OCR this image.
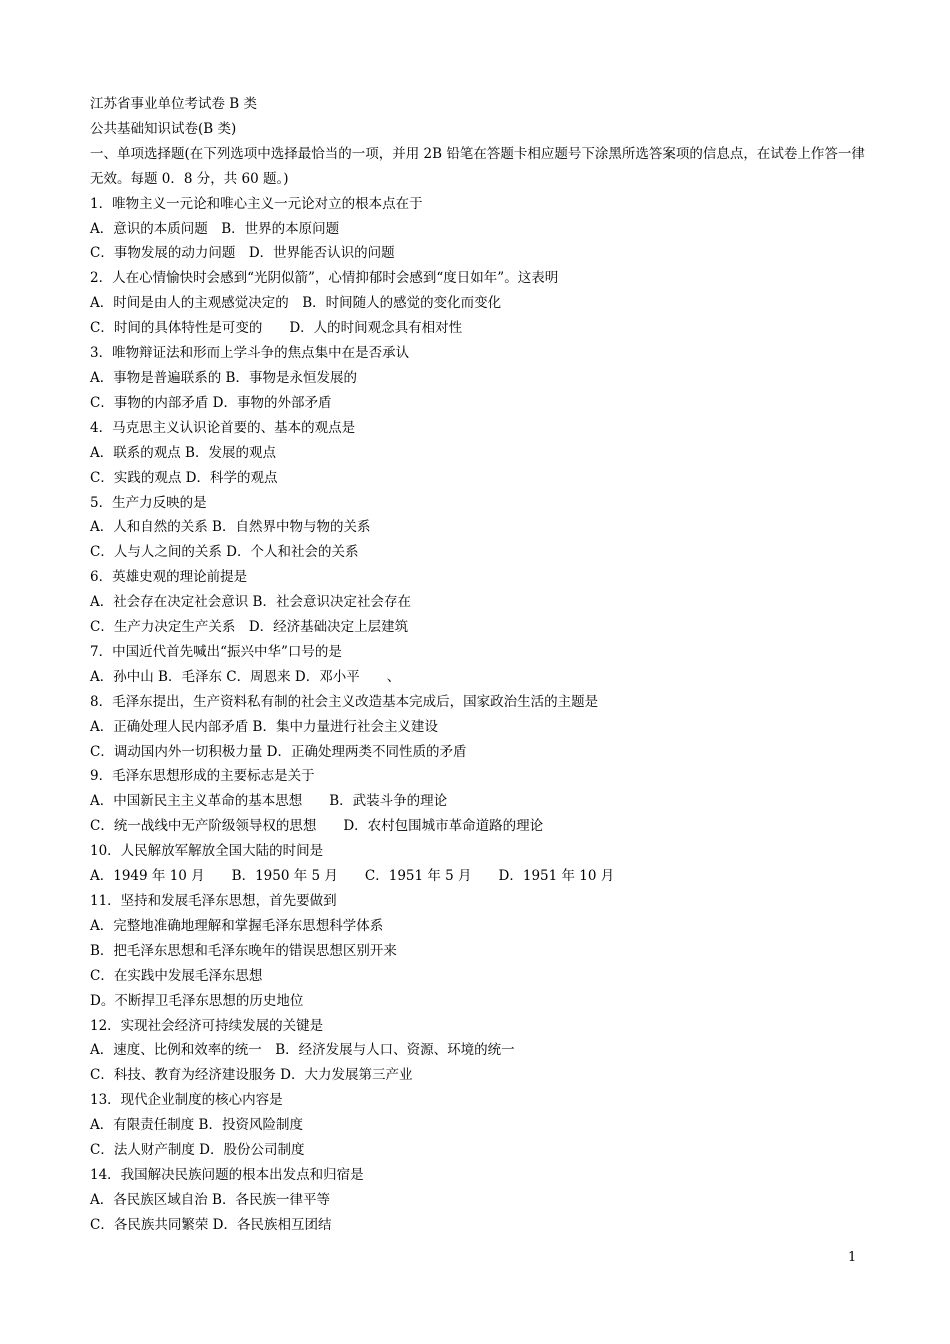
江苏省事业单位考试卷 B 类
公共基础知识试卷(B 类)
一、单项选择题(在下列选项中选择最恰当的一项，并用 2B 铅笔在答题卡相应题号下涂黑所选答案项的信息点，在试卷上作答一律无效。每题 0．8 分，共 60 题。)
1．唯物主义一元论和唯心主义一元论对立的根本点在于
A．意识的本质问题　B．世界的本原问题
C．事物发展的动力问题　D．世界能否认识的问题
2．人在心情愉快时会感到“光阴似箭”，心情抑郁时会感到“度日如年”。这表明
A．时间是由人的主观感觉决定的　B．时间随人的感觉的变化而变化
C．时间的具体特性是可变的　　D．人的时间观念具有相对性
3．唯物辩证法和形而上学斗争的焦点集中在是否承认
A．事物是普遍联系的 B．事物是永恒发展的
C．事物的内部矛盾 D．事物的外部矛盾
4．马克思主义认识论首要的、基本的观点是
A．联系的观点 B．发展的观点
C．实践的观点 D．科学的观点
5．生产力反映的是
A．人和自然的关系 B．自然界中物与物的关系
C．人与人之间的关系 D．个人和社会的关系
6．英雄史观的理论前提是
A．社会存在决定社会意识 B．社会意识决定社会存在
C．生产力决定生产关系　D．经济基础决定上层建筑
7．中国近代首先喊出“振兴中华”口号的是
A．孙中山 B．毛泽东 C．周恩来 D．邓小平　　、
8．毛泽东提出，生产资料私有制的社会主义改造基本完成后，国家政治生活的主题是
A．正确处理人民内部矛盾 B．集中力量进行社会主义建设
C．调动国内外一切积极力量 D．正确处理两类不同性质的矛盾
9．毛泽东思想形成的主要标志是关于
A．中国新民主主义革命的基本思想　　B．武装斗争的理论
C．统一战线中无产阶级领导权的思想　　D．农村包围城市革命道路的理论
10．人民解放军解放全国大陆的时间是
A．1949 年 10 月　　B．1950 年 5 月　　C．1951 年 5 月　　D．1951 年 10 月
11．坚持和发展毛泽东思想，首先要做到
A．完整地准确地理解和掌握毛泽东思想科学体系
B．把毛泽东思想和毛泽东晚年的错误思想区别开来
C．在实践中发展毛泽东思想
D。不断捍卫毛泽东思想的历史地位
12．实现社会经济可持续发展的关键是
A．速度、比例和效率的统一　B．经济发展与人口、资源、环境的统一
C．科技、教育为经济建设服务 D．大力发展第三产业
13．现代企业制度的核心内容是
A．有限责任制度 B．投资风险制度
C．法人财产制度 D．股份公司制度
14．我国解决民族问题的根本出发点和归宿是
A．各民族区域自治 B．各民族一律平等
C．各民族共同繁荣 D．各民族相互团结
1
